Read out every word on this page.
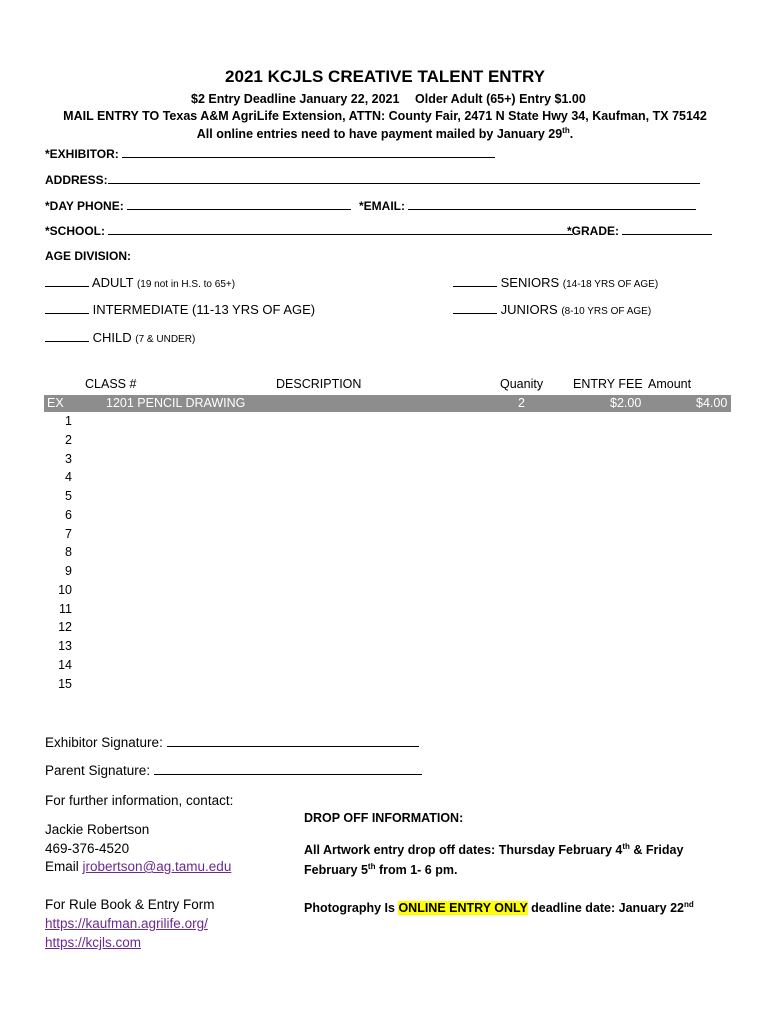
2021 KCJLS CREATIVE TALENT ENTRY
$2 Entry Deadline January 22, 2021 Older Adult (65+) Entry $1.00
MAIL ENTRY TO Texas A&M AgriLife Extension, ATTN: County Fair, 2471 N State Hwy 34, Kaufman, TX 75142
All online entries need to have payment mailed by January 29th.
*EXHIBITOR:
ADDRESS:
*DAY PHONE:	*EMAIL:
*SCHOOL:	*GRADE:
AGE DIVISION:
ADULT (19 not in H.S. to 65+)	SENIORS (14-18 YRS OF AGE)
INTERMEDIATE (11-13 YRS OF AGE)	JUNIORS (8-10 YRS OF AGE)
CHILD (7 & UNDER)
CLASS #	DESCRIPTION	Quanity ENTRY FEE Amount
EX	1201 PENCIL DRAWING	2	$2.00	$4.00
1
2
3
4
5
6
7
8
9
10
11
12
13
14
15
Exhibitor Signature:
Parent Signature:
For further information, contact:
Jackie Robertson
469-376-4520
Email jrobertson@ag.tamu.edu
For Rule Book & Entry Form
https://kaufman.agrilife.org/
https://kcjls.com
DROP OFF INFORMATION:
All Artwork entry drop off dates: Thursday February 4th & Friday
February 5th from 1- 6 pm.
Photography Is ONLINE ENTRY ONLY deadline date: January 22nd
